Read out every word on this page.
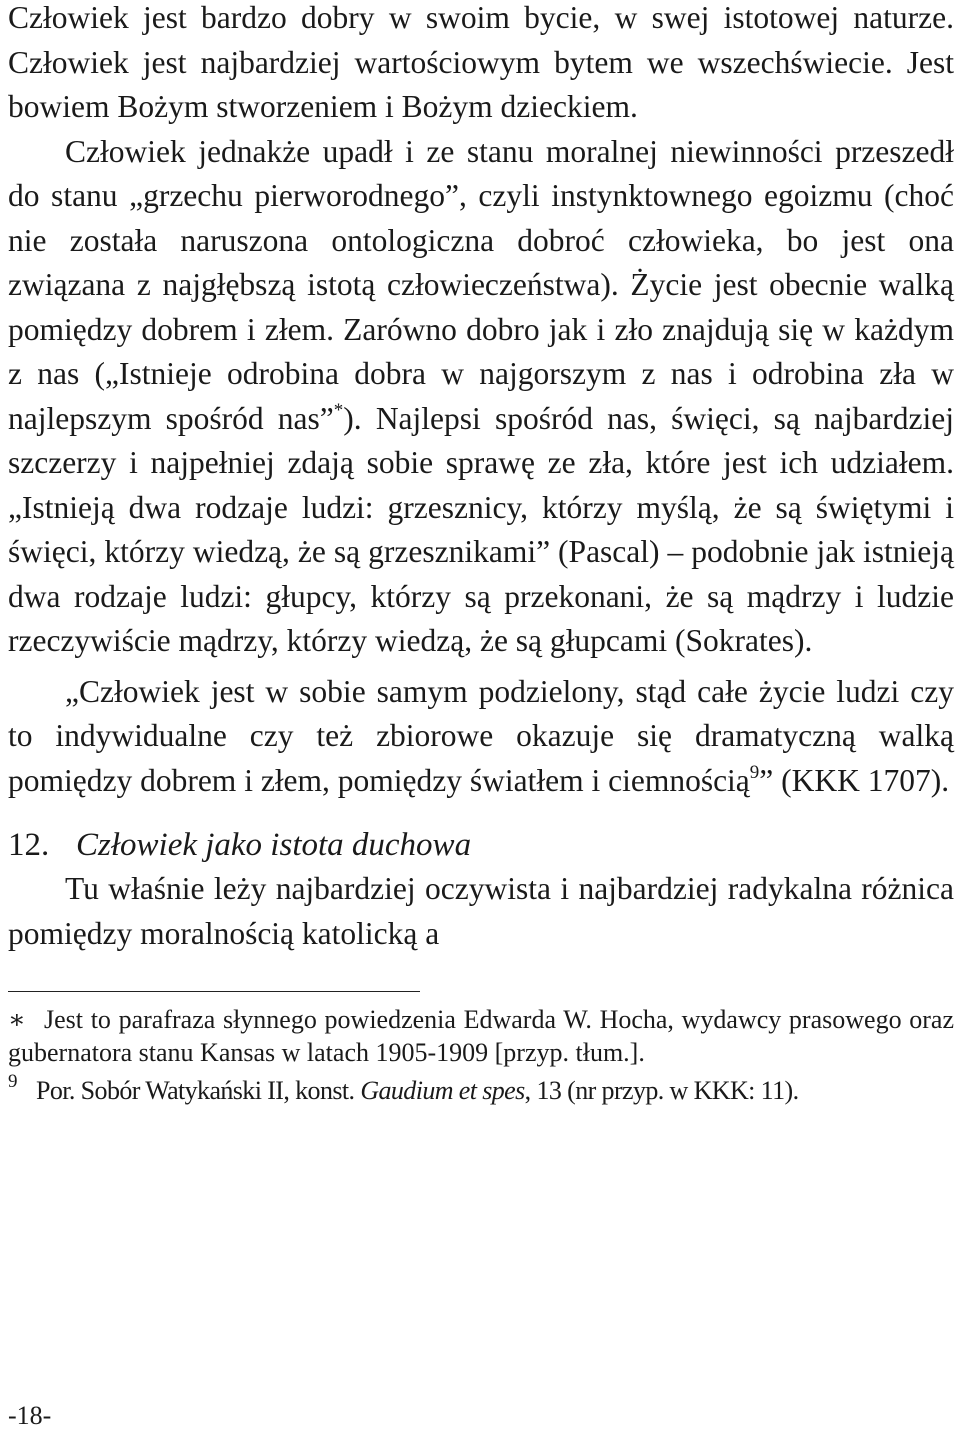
Człowiek jest bardzo dobry w swoim bycie, w swej istotowej naturze. Człowiek jest najbardziej wartościowym bytem we wszechświecie. Jest bowiem Bożym stworzeniem i Bożym dzieckiem.

Człowiek jednakże upadł i ze stanu moralnej niewinności przeszedł do stanu „grzechu pierworodnego”, czyli instynktownego egoizmu (choć nie została naruszona ontologiczna dobroć człowieka, bo jest ona związana z najgłębszą istotą człowieczeństwa). Życie jest obecnie walką pomiędzy dobrem i złem. Zarówno dobro jak i zło znajdują się w każdym z nas („Istnieje odrobina dobra w najgorszym z nas i odrobina zła w najlepszym spośród nas”*). Najlepsi spośród nas, święci, są najbardziej szczerzy i najpełniej zdają sobie sprawę ze zła, które jest ich udziałem. „Istnieją dwa rodzaje ludzi: grzesznicy, którzy myślą, że są świętymi i święci, którzy wiedzą, że są grzesznikami” (Pascal) – podobnie jak istnieją dwa rodzaje ludzi: głupcy, którzy są przekonani, że są mądrzy i ludzie rzeczywiście mądrzy, którzy wiedzą, że są głupcami (Sokrates).

„Człowiek jest w sobie samym podzielony, stąd całe życie ludzi czy to indywidualne czy też zbiorowe okazuje się dramatyczną walką pomiędzy dobrem i złem, pomiędzy światłem i ciemnością$^9$” (KKK 1707).

12. Człowiek jako istota duchowa

Tu właśnie leży najbardziej oczywista i najbardziej radykalna różnica pomiędzy moralnością katolicką a

∗ Jest to parafraza słynnego powiedzenia Edwarda W. Hocha, wydawcy prasowego oraz gubernatora stanu Kansas w latach 1905-1909 [przyp. tłum.].

9 Por. Sobór Watykański II, konst. Gaudium et spes, 13 (nr przyp. w KKK: 11).

-18-
